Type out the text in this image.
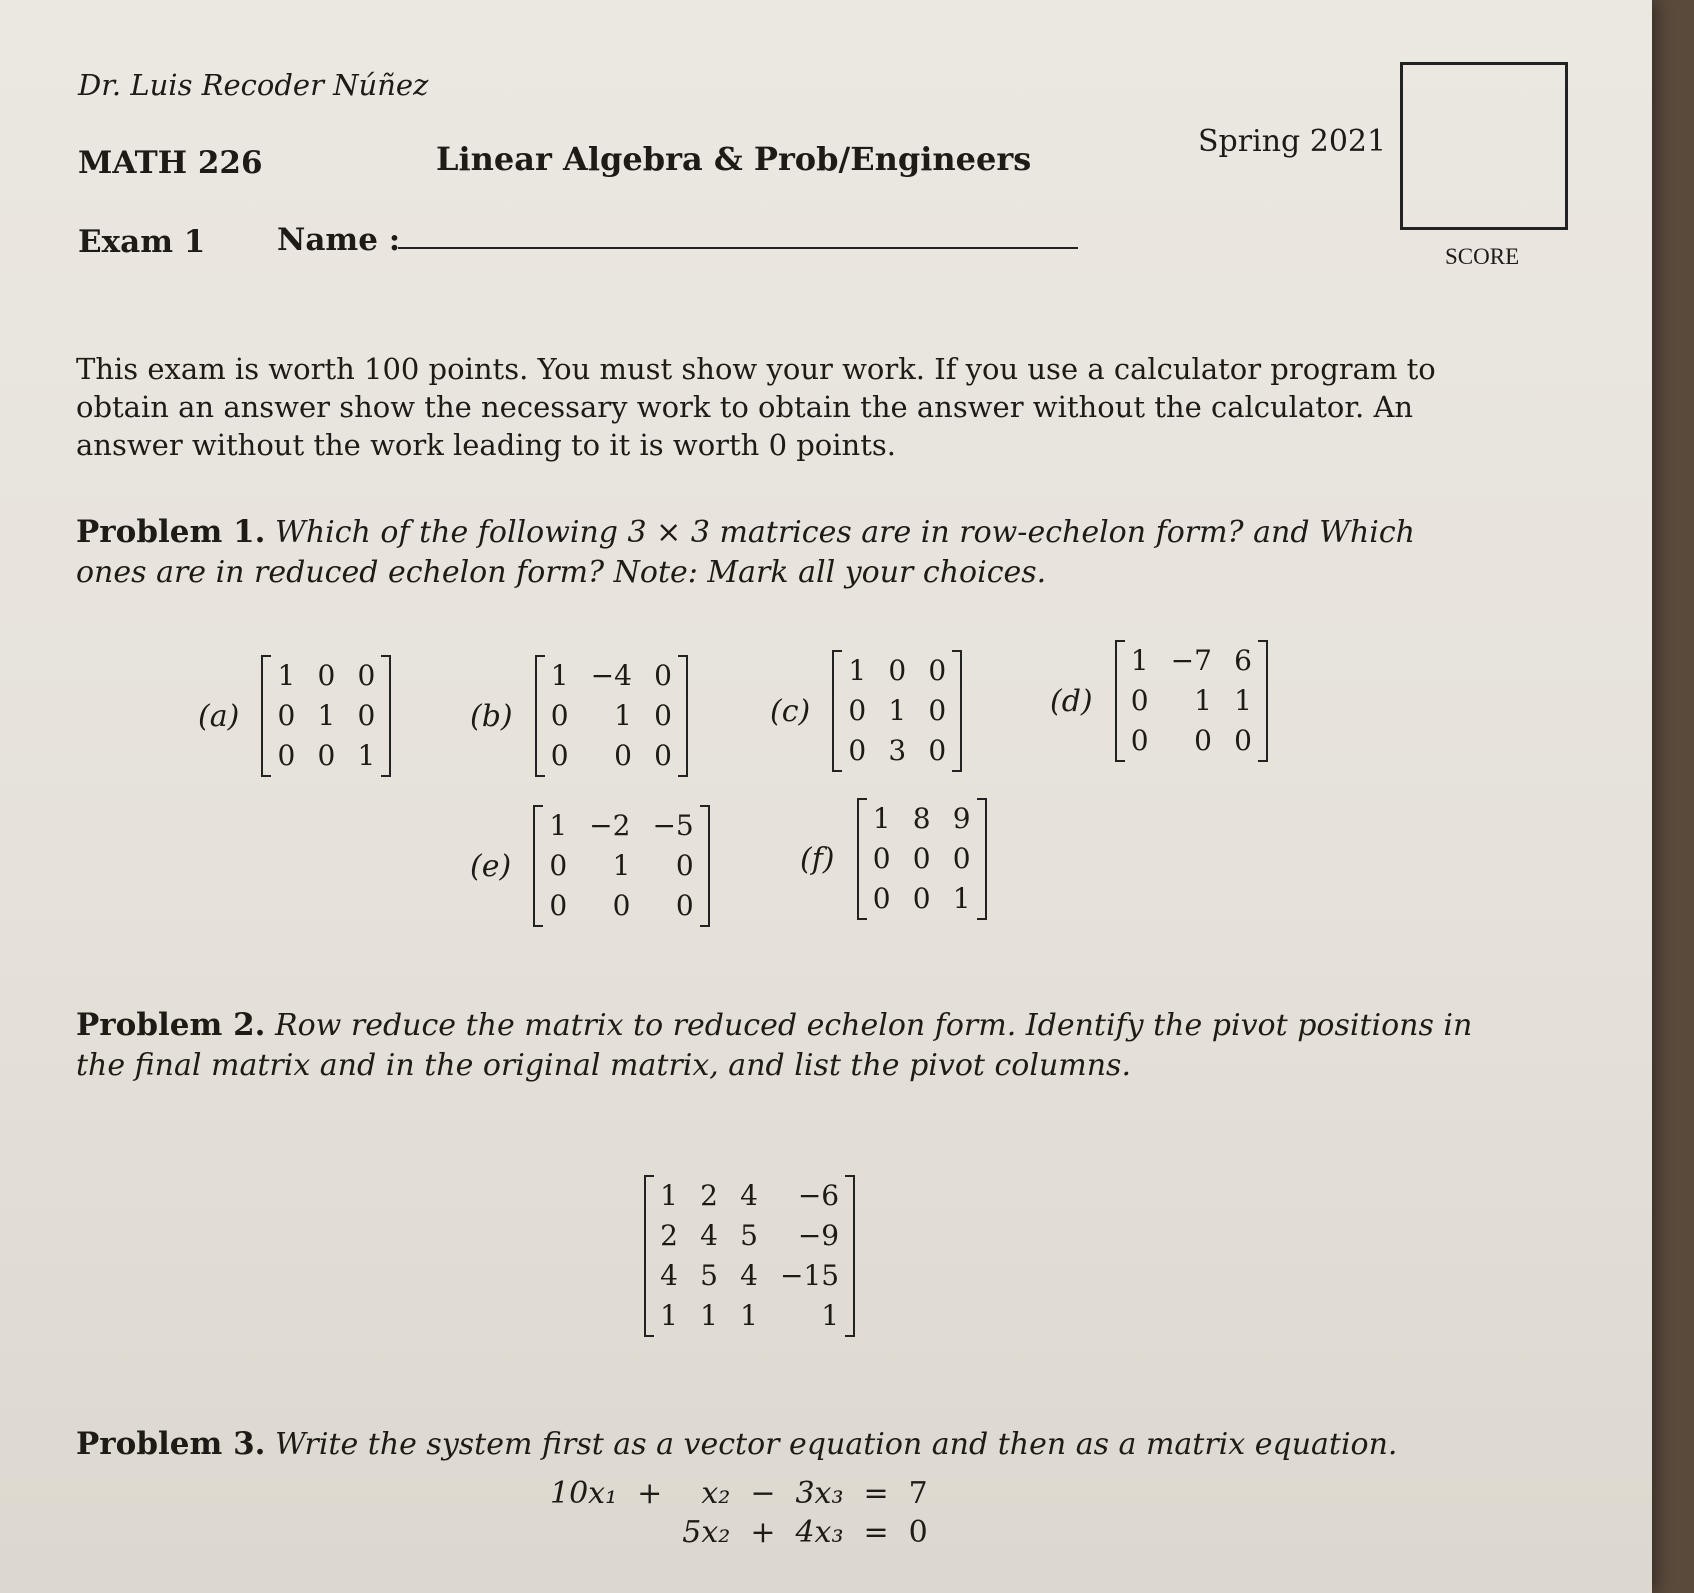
Dr. Luis Recoder Núñez
MATH 226	Linear Algebra & Prob/Engineers	Spring 2021
SCORE
Exam 1 Name :
This exam is worth 100 points. You must show your work. If you use a calculator program to obtain an answer show the necessary work to obtain the answer without the calculator. An answer without the work leading to it is worth 0 points.
Problem 1. Which of the following 3 × 3 matrices are in row-echelon form? and Which ones are in reduced echelon form? Note: Mark all your choices.
(a)
1 0 0
0 1 0
0 0 1
(b)
1 −4 0
0	1 0
0	0 0
(c)
1 0 0
0 1 0
0 3 0
(d)
1 −7 6
0	1 1
0	0 0
(e)
1 −2 −5
0	1	0
0	0	0
(f)
1 8 9
0 0 0
0 0 1
Problem 2. Row reduce the matrix to reduced echelon form. Identify the pivot positions in the final matrix and in the original matrix, and list the pivot columns.
1 2 4	−6
2 4 5	−9
4 5 4 −15
1 1 1	1
Problem 3. Write the system first as a vector equation and then as a matrix equation.
10x₁	+	x₂	−	3x₃	=	7
		5x₂	+	4x₃	=	0
